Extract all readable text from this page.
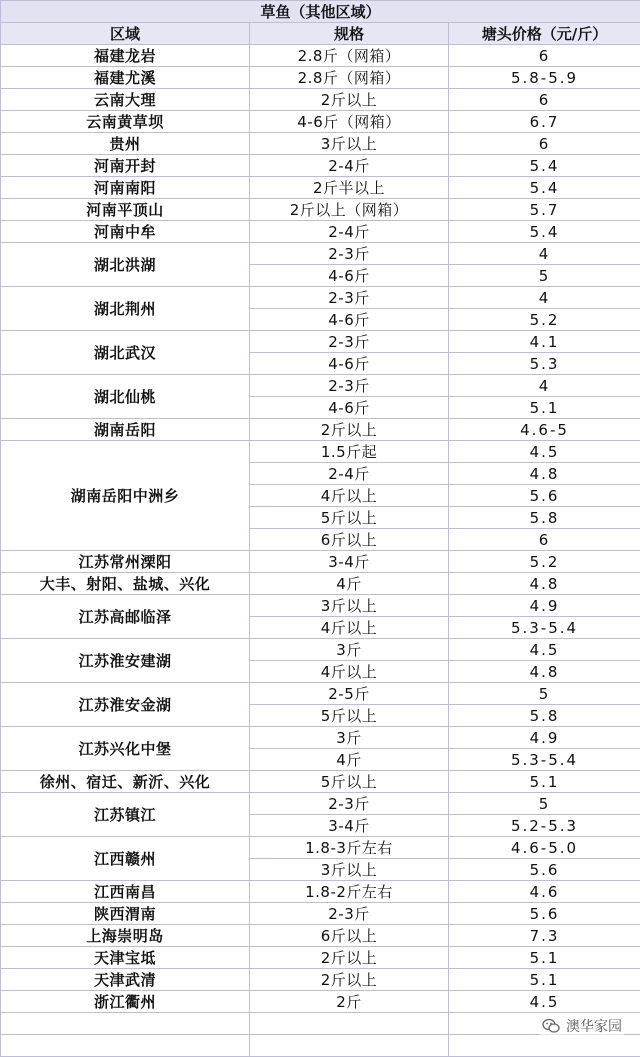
草鱼（其他区域）		
区域	规格	塘头价格（元/斤）
福建龙岩	2.8斤（网箱）	6
福建尤溪	2.8斤（网箱）	5.8-5.9
云南大理	2斤以上	6
云南黄草坝	4-6斤（网箱）	6.7
贵州	3斤以上	6
河南开封	2-4斤	5.4
河南南阳	2斤半以上	5.4
河南平顶山	2斤以上（网箱）	5.7
河南中牟	2-4斤	5.4
湖北洪湖	2-3斤	4
	4-6斤	5
湖北荆州	2-3斤	4
	4-6斤	5.2
湖北武汉	2-3斤	4.1
	4-6斤	5.3
湖北仙桃	2-3斤	4
	4-6斤	5.1
湖南岳阳	2斤以上	4.6-5
湖南岳阳中洲乡	1.5斤起	4.5
	2-4斤	4.8
	4斤以上	5.6
	5斤以上	5.8
	6斤以上	6
江苏常州溧阳	3-4斤	5.2
大丰、射阳、盐城、兴化	4斤	4.8
江苏高邮临泽	3斤以上	4.9
	4斤以上	5.3-5.4
江苏淮安建湖	3斤	4.5
	4斤以上	4.8
江苏淮安金湖	2-5斤	5
	5斤以上	5.8
江苏兴化中堡	3斤	4.9
	4斤	5.3-5.4
徐州、宿迁、新沂、兴化	5斤以上	5.1
江苏镇江	2-3斤	5
	3-4斤	5.2-5.3
江西赣州	1.8-3斤左右	4.6-5.0
	3斤以上	5.6
江西南昌	1.8-2斤左右	4.6
陕西渭南	2-3斤	5.6
上海崇明岛	6斤以上	7.3
天津宝坻	2斤以上	5.1
天津武清	2斤以上	5.1
浙江衢州	2斤	4.5

澳华家园
